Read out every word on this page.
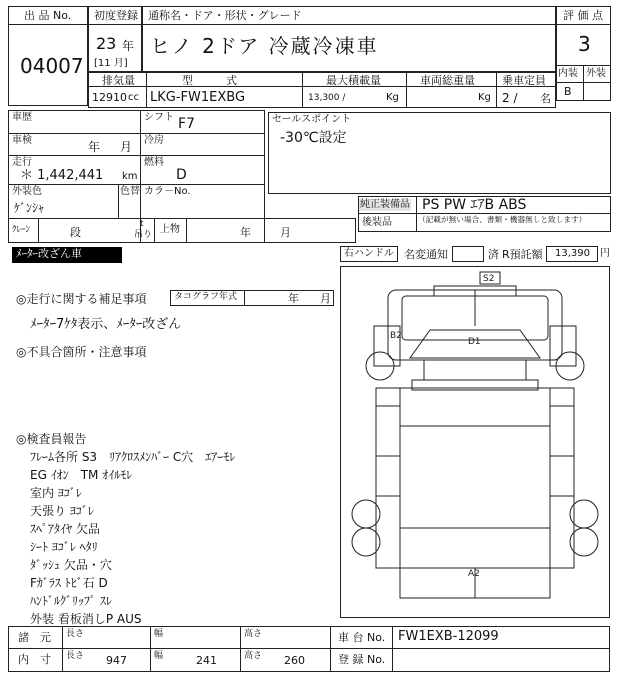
出 品 No.
04007
初度登録
23 年
[11 月]
通称名・ドア・形状・グレード
ヒノ 2ドア 冷蔵冷凍車
評 価 点
3
内装 外装
B
排気量	型　　　式	最大積載量	車両総重量 乗車定員
12910 cc LKG-FW1EXBG	13,300 /	Kg	Kg 2 / 名
車歴
車検	年 月
走行
＊ 1,442,441 km
外装色
ｹﾞﾝｼｬ
色替
シフト F7
冷房
燃料
D
カラ－No.
ｸﾚｰﾝ	段
t
吊り 上物	年	月
セールスポイント
-30℃設定
純正装備品 PS PW ｴｱB ABS
後装品	（記載が無い場合、書類・機器無しと致します）
ﾒｰﾀｰ改ざん車	右ハンドル 名変通知	済 R預託額 13,390 円
◎走行に関する補足事項	タコグラフ年式	年 月
ﾒｰﾀｰ7ｹﾀ表示、ﾒｰﾀｰ改ざん
◎不具合箇所・注意事項
◎検査員報告
ﾌﾚｰﾑ各所 S3　ﾘｱｸﾛｽﾒﾝﾊﾞｰ C穴　ｴｱｰﾓﾚ
EG ｲｵﾝ　TM ｵｲﾙﾓﾚ
室内 ﾖｺﾞﾚ
天張り ﾖｺﾞﾚ
ｽﾍﾟｱﾀｲﾔ 欠品
ｼｰﾄ ﾖｺﾞﾚ ﾍﾀﾘ
ﾀﾞｯｼｭ 欠品・穴
Fｶﾞﾗｽ ﾄﾋﾞ石 D
ﾊﾝﾄﾞﾙｸﾞﾘｯﾌﾟ ｽﾚ
外装 看板消しP AUS
S2
B2
D1
A2
諸　元
内　寸
長さ	幅	高さ
長さ	幅	高さ
947	241	260
車 台 No. FW1EXB-12099
登 録 No.
